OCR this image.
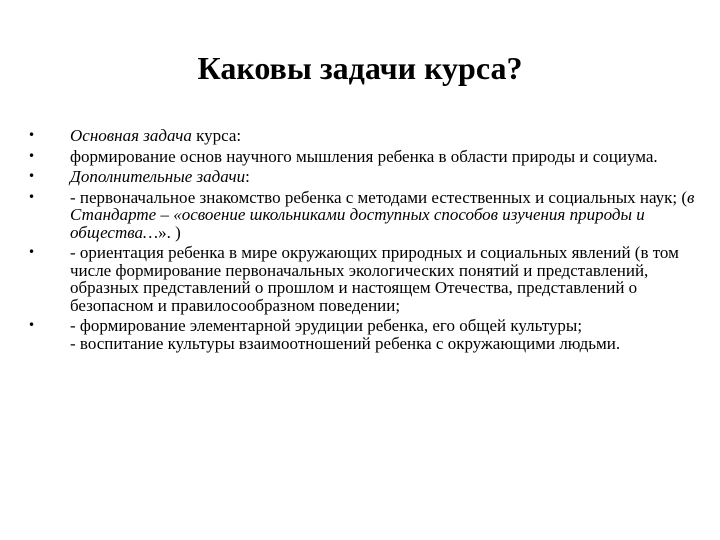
Каковы задачи курса?
•	Основная задача курса:
•	формирование основ научного мышления ребенка в области природы и социума.
•	Дополнительные задачи:
•	- первоначальное знакомство ребенка с методами естественных и социальных наук; (в Стандарте – «освоение школьниками доступных способов изучения природы и общества…». )
•	- ориентация ребенка в мире окружающих природных и социальных явлений (в том числе формирование первоначальных экологических понятий и представлений, образных представлений о прошлом и настоящем Отечества, представлений о безопасном и правилосообразном поведении;
•	- формирование элементарной эрудиции ребенка, его общей культуры;
- воспитание культуры взаимоотношений ребенка с окружающими людьми.
